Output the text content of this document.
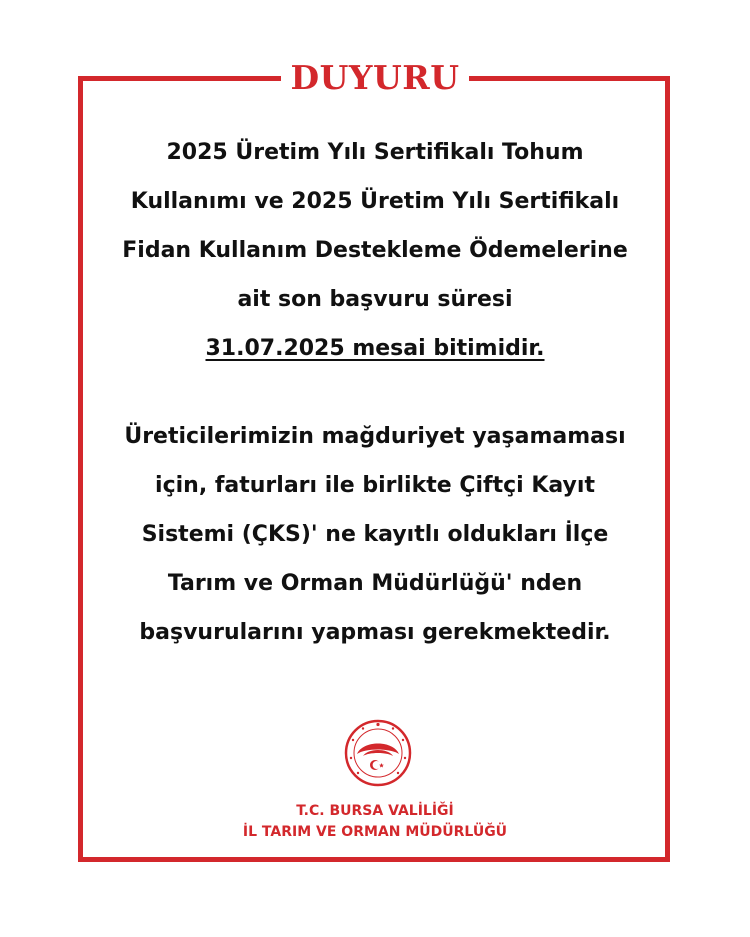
DUYURU
2025 Üretim Yılı Sertifikalı Tohum
Kullanımı ve 2025 Üretim Yılı Sertifikalı
Fidan Kullanım Destekleme Ödemelerine
ait son başvuru süresi
31.07.2025 mesai bitimidir.
Üreticilerimizin mağduriyet yaşamaması
için, faturları ile birlikte Çiftçi Kayıt
Sistemi (ÇKS)' ne kayıtlı oldukları İlçe
Tarım ve Orman Müdürlüğü' nden
başvurularını yapması gerekmektedir.
T.C. BURSA VALİLİĞİ
İL TARIM VE ORMAN MÜDÜRLÜĞÜ
